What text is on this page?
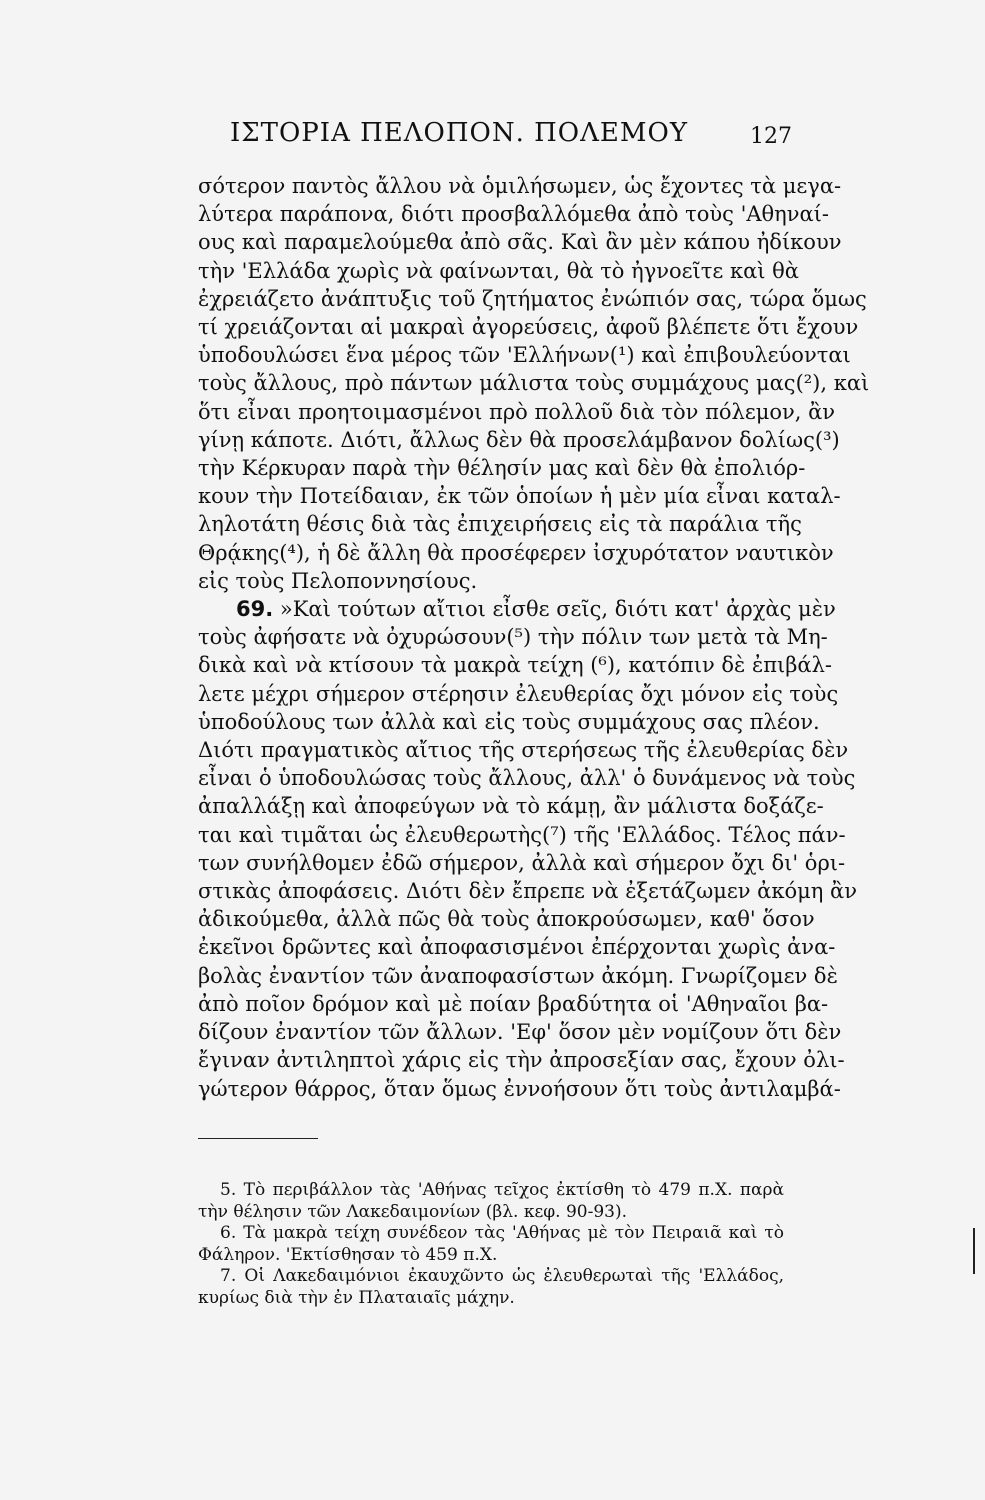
ΙΣΤΟΡΙΑ ΠΕΛΟΠΟΝ. ΠΟΛΕΜΟΥ	127
σότερον παντὸς ἄλλου νὰ ὁμιλήσωμεν, ὡς ἔχοντες τὰ μεγα-
λύτερα παράπονα, διότι προσβαλλόμεθα ἀπὸ τοὺς 'Αθηναί-
ους καὶ παραμελούμεθα ἀπὸ σᾶς. Καὶ ἂν μὲν κάπου ἠδίκουν
τὴν 'Ελλάδα χωρὶς νὰ φαίνωνται, θὰ τὸ ἠγνοεῖτε καὶ θὰ
ἐχρειάζετο ἀνάπτυξις τοῦ ζητήματος ἐνώπιόν σας, τώρα ὅμως
τί χρειάζονται αἱ μακραὶ ἀγορεύσεις, ἀφοῦ βλέπετε ὅτι ἔχουν
ὑποδουλώσει ἕνα μέρος τῶν 'Ελλήνων(¹) καὶ ἐπιβουλεύονται
τοὺς ἄλλους, πρὸ πάντων μάλιστα τοὺς συμμάχους μας(²), καὶ
ὅτι εἶναι προητοιμασμένοι πρὸ πολλοῦ διὰ τὸν πόλεμον, ἂν
γίνῃ κάποτε. Διότι, ἄλλως δὲν θὰ προσελάμβανον δολίως(³)
τὴν Κέρκυραν παρὰ τὴν θέλησίν μας καὶ δὲν θὰ ἐπολιόρ-
κουν τὴν Ποτείδαιαν, ἐκ τῶν ὁποίων ἡ μὲν μία εἶναι καταλ-
ληλοτάτη θέσις διὰ τὰς ἐπιχειρήσεις εἰς τὰ παράλια τῆς
Θρᾴκης(⁴), ἡ δὲ ἄλλη θὰ προσέφερεν ἰσχυρότατον ναυτικὸν
εἰς τοὺς Πελοποννησίους.
69. »Καὶ τούτων αἴτιοι εἶσθε σεῖς, διότι κατ' ἀρχὰς μὲν
τοὺς ἀφήσατε νὰ ὀχυρώσουν(⁵) τὴν πόλιν των μετὰ τὰ Μη-
δικὰ καὶ νὰ κτίσουν τὰ μακρὰ τείχη (⁶), κατόπιν δὲ ἐπιβάλ-
λετε μέχρι σήμερον στέρησιν ἐλευθερίας ὄχι μόνον εἰς τοὺς
ὑποδούλους των ἀλλὰ καὶ εἰς τοὺς συμμάχους σας πλέον.
Διότι πραγματικὸς αἴτιος τῆς στερήσεως τῆς ἐλευθερίας δὲν
εἶναι ὁ ὑποδουλώσας τοὺς ἄλλους, ἀλλ' ὁ δυνάμενος νὰ τοὺς
ἀπαλλάξῃ καὶ ἀποφεύγων νὰ τὸ κάμῃ, ἂν μάλιστα δοξάζε-
ται καὶ τιμᾶται ὡς ἐλευθερωτὴς(⁷) τῆς 'Ελλάδος. Τέλος πάν-
των συνήλθομεν ἐδῶ σήμερον, ἀλλὰ καὶ σήμερον ὄχι δι' ὁρι-
στικὰς ἀποφάσεις. Διότι δὲν ἔπρεπε νὰ ἐξετάζωμεν ἀκόμη ἂν
ἀδικούμεθα, ἀλλὰ πῶς θὰ τοὺς ἀποκρούσωμεν, καθ' ὅσον
ἐκεῖνοι δρῶντες καὶ ἀποφασισμένοι ἐπέρχονται χωρὶς ἀνα-
βολὰς ἐναντίον τῶν ἀναποφασίστων ἀκόμη. Γνωρίζομεν δὲ
ἀπὸ ποῖον δρόμον καὶ μὲ ποίαν βραδύτητα οἱ 'Αθηναῖοι βα-
δίζουν ἐναντίον τῶν ἄλλων. 'Εφ' ὅσον μὲν νομίζουν ὅτι δὲν
ἔγιναν ἀντιληπτοὶ χάρις εἰς τὴν ἀπροσεξίαν σας, ἔχουν ὀλι-
γώτερον θάρρος, ὅταν ὅμως ἐννοήσουν ὅτι τοὺς ἀντιλαμβά-
5. Τὸ περιβάλλον τὰς 'Αθήνας τεῖχος ἐκτίσθη τὸ 479 π.Χ. παρὰ
τὴν θέλησιν τῶν Λακεδαιμονίων (βλ. κεφ. 90-93).
6. Τὰ μακρὰ τείχη συνέδεον τὰς 'Αθήνας μὲ τὸν Πειραιᾶ καὶ τὸ
Φάληρον. 'Εκτίσθησαν τὸ 459 π.Χ.
7. Οἱ Λακεδαιμόνιοι ἐκαυχῶντο ὡς ἐλευθερωταὶ τῆς 'Ελλάδος,
κυρίως διὰ τὴν ἐν Πλαταιαῖς μάχην.
